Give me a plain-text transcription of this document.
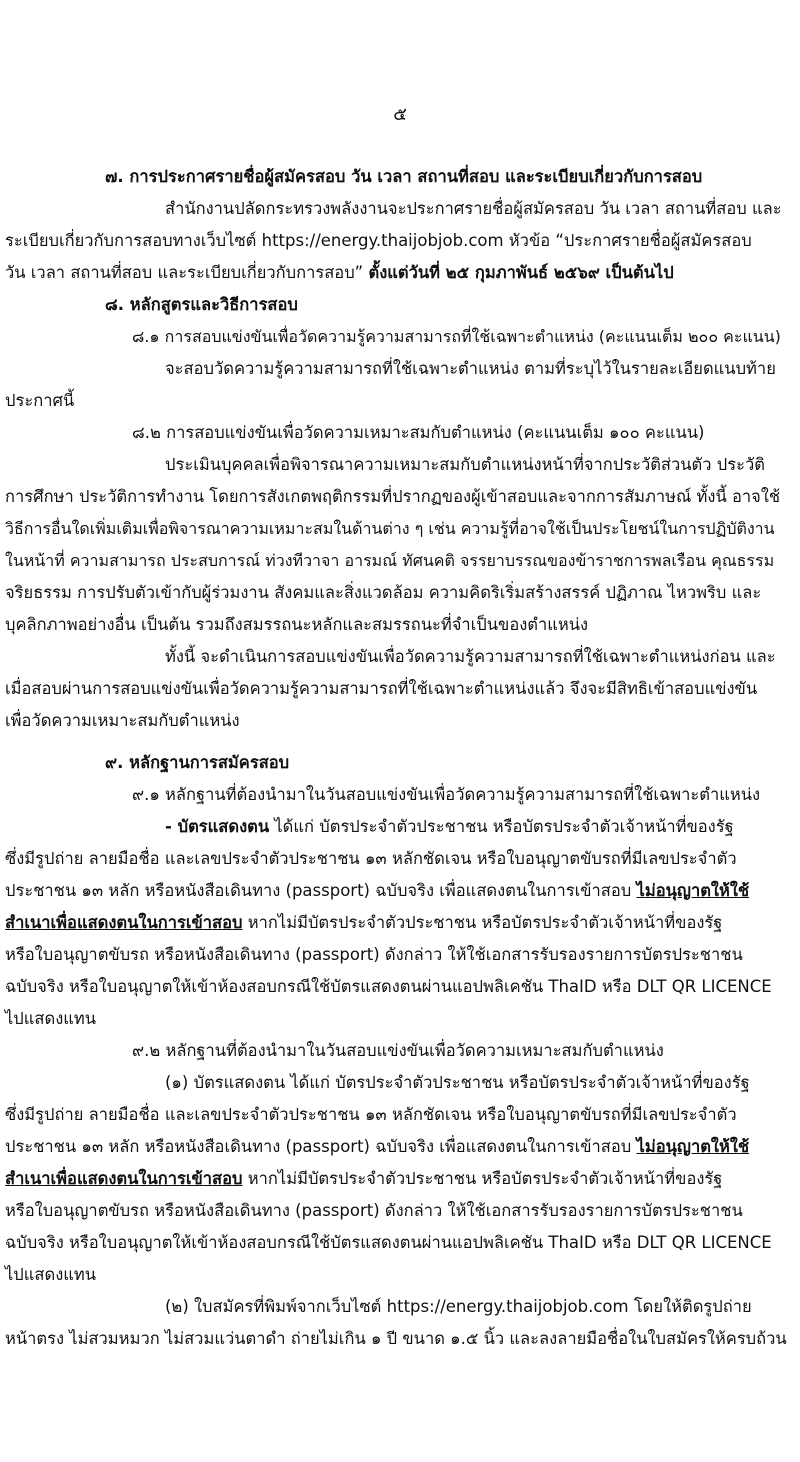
๕
๗. การประกาศรายชื่อผู้สมัครสอบ วัน เวลา สถานที่สอบ และระเบียบเกี่ยวกับการสอบ
สำนักงานปลัดกระทรวงพลังงานจะประกาศรายชื่อผู้สมัครสอบ วัน เวลา สถานที่สอบ และ
ระเบียบเกี่ยวกับการสอบทางเว็บไซต์ https://energy.thaijobjob.com หัวข้อ “ประกาศรายชื่อผู้สมัครสอบ
วัน เวลา สถานที่สอบ และระเบียบเกี่ยวกับการสอบ” ตั้งแต่วันที่ ๒๕ กุมภาพันธ์ ๒๕๖๙ เป็นต้นไป
๘. หลักสูตรและวิธีการสอบ
๘.๑ การสอบแข่งขันเพื่อวัดความรู้ความสามารถที่ใช้เฉพาะตำแหน่ง (คะแนนเต็ม ๒๐๐ คะแนน)
จะสอบวัดความรู้ความสามารถที่ใช้เฉพาะตำแหน่ง ตามที่ระบุไว้ในรายละเอียดแนบท้าย
ประกาศนี้
๘.๒ การสอบแข่งขันเพื่อวัดความเหมาะสมกับตำแหน่ง (คะแนนเต็ม ๑๐๐ คะแนน)
ประเมินบุคคลเพื่อพิจารณาความเหมาะสมกับตำแหน่งหน้าที่จากประวัติส่วนตัว ประวัติ
การศึกษา ประวัติการทำงาน โดยการสังเกตพฤติกรรมที่ปรากฏของผู้เข้าสอบและจากการสัมภาษณ์ ทั้งนี้ อาจใช้
วิธีการอื่นใดเพิ่มเติมเพื่อพิจารณาความเหมาะสมในด้านต่าง ๆ เช่น ความรู้ที่อาจใช้เป็นประโยชน์ในการปฏิบัติงาน
ในหน้าที่ ความสามารถ ประสบการณ์ ท่วงทีวาจา อารมณ์ ทัศนคติ จรรยาบรรณของข้าราชการพลเรือน คุณธรรม
จริยธรรม การปรับตัวเข้ากับผู้ร่วมงาน สังคมและสิ่งแวดล้อม ความคิดริเริ่มสร้างสรรค์ ปฏิภาณ ไหวพริบ และ
บุคลิกภาพอย่างอื่น เป็นต้น รวมถึงสมรรถนะหลักและสมรรถนะที่จำเป็นของตำแหน่ง
ทั้งนี้ จะดำเนินการสอบแข่งขันเพื่อวัดความรู้ความสามารถที่ใช้เฉพาะตำแหน่งก่อน และ
เมื่อสอบผ่านการสอบแข่งขันเพื่อวัดความรู้ความสามารถที่ใช้เฉพาะตำแหน่งแล้ว จึงจะมีสิทธิเข้าสอบแข่งขัน
เพื่อวัดความเหมาะสมกับตำแหน่ง
๙. หลักฐานการสมัครสอบ
๙.๑ หลักฐานที่ต้องนำมาในวันสอบแข่งขันเพื่อวัดความรู้ความสามารถที่ใช้เฉพาะตำแหน่ง
- บัตรแสดงตน ได้แก่ บัตรประจำตัวประชาชน หรือบัตรประจำตัวเจ้าหน้าที่ของรัฐ
ซึ่งมีรูปถ่าย ลายมือชื่อ และเลขประจำตัวประชาชน ๑๓ หลักชัดเจน หรือใบอนุญาตขับรถที่มีเลขประจำตัว
ประชาชน ๑๓ หลัก หรือหนังสือเดินทาง (passport) ฉบับจริง เพื่อแสดงตนในการเข้าสอบ ไม่อนุญาตให้ใช้
สำเนาเพื่อแสดงตนในการเข้าสอบ หากไม่มีบัตรประจำตัวประชาชน หรือบัตรประจำตัวเจ้าหน้าที่ของรัฐ
หรือใบอนุญาตขับรถ หรือหนังสือเดินทาง (passport) ดังกล่าว ให้ใช้เอกสารรับรองรายการบัตรประชาชน
ฉบับจริง หรือใบอนุญาตให้เข้าห้องสอบกรณีใช้บัตรแสดงตนผ่านแอปพลิเคชัน ThaID หรือ DLT QR LICENCE
ไปแสดงแทน
๙.๒ หลักฐานที่ต้องนำมาในวันสอบแข่งขันเพื่อวัดความเหมาะสมกับตำแหน่ง
(๑) บัตรแสดงตน ได้แก่ บัตรประจำตัวประชาชน หรือบัตรประจำตัวเจ้าหน้าที่ของรัฐ
ซึ่งมีรูปถ่าย ลายมือชื่อ และเลขประจำตัวประชาชน ๑๓ หลักชัดเจน หรือใบอนุญาตขับรถที่มีเลขประจำตัว
ประชาชน ๑๓ หลัก หรือหนังสือเดินทาง (passport) ฉบับจริง เพื่อแสดงตนในการเข้าสอบ ไม่อนุญาตให้ใช้
สำเนาเพื่อแสดงตนในการเข้าสอบ หากไม่มีบัตรประจำตัวประชาชน หรือบัตรประจำตัวเจ้าหน้าที่ของรัฐ
หรือใบอนุญาตขับรถ หรือหนังสือเดินทาง (passport) ดังกล่าว ให้ใช้เอกสารรับรองรายการบัตรประชาชน
ฉบับจริง หรือใบอนุญาตให้เข้าห้องสอบกรณีใช้บัตรแสดงตนผ่านแอปพลิเคชัน ThaID หรือ DLT QR LICENCE
ไปแสดงแทน
(๒) ใบสมัครที่พิมพ์จากเว็บไซต์ https://energy.thaijobjob.com โดยให้ติดรูปถ่าย
หน้าตรง ไม่สวมหมวก ไม่สวมแว่นตาดำ ถ่ายไม่เกิน ๑ ปี ขนาด ๑.๕ นิ้ว และลงลายมือชื่อในใบสมัครให้ครบถ้วน
